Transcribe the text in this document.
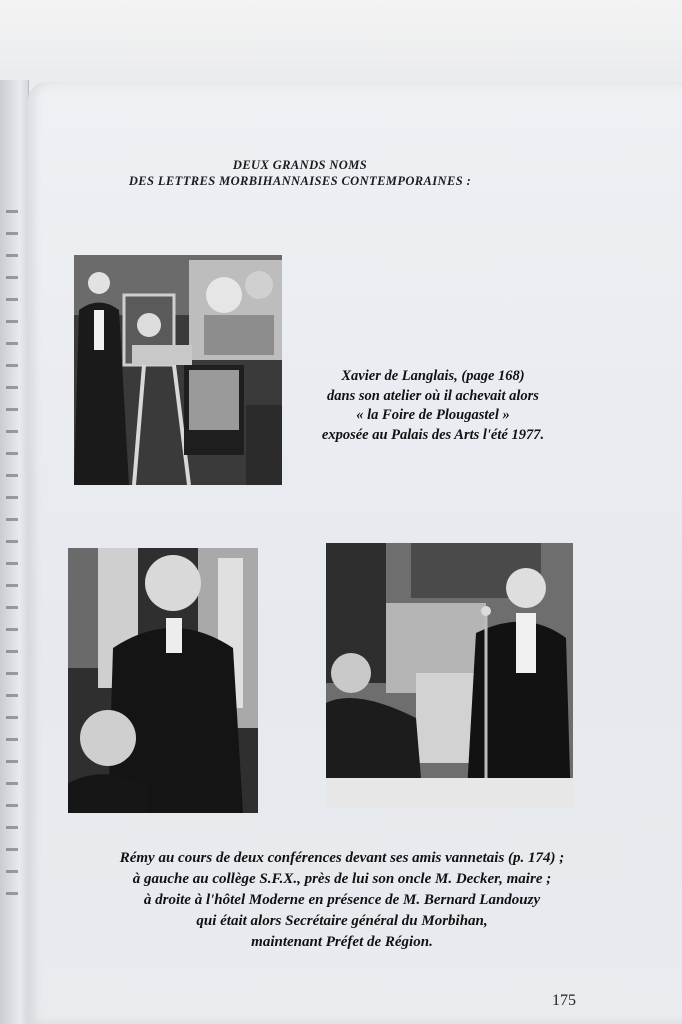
DEUX GRANDS NOMS
DES LETTRES MORBIHANNAISES CONTEMPORAINES :
Xavier de Langlais, (page 168)
dans son atelier où il achevait alors
« la Foire de Plougastel »
exposée au Palais des Arts l'été 1977.
Rémy au cours de deux conférences devant ses amis vannetais (p. 174) ;
à gauche au collège S.F.X., près de lui son oncle M. Decker, maire ;
à droite à l'hôtel Moderne en présence de M. Bernard Landouzy
qui était alors Secrétaire général du Morbihan,
maintenant Préfet de Région.
175
